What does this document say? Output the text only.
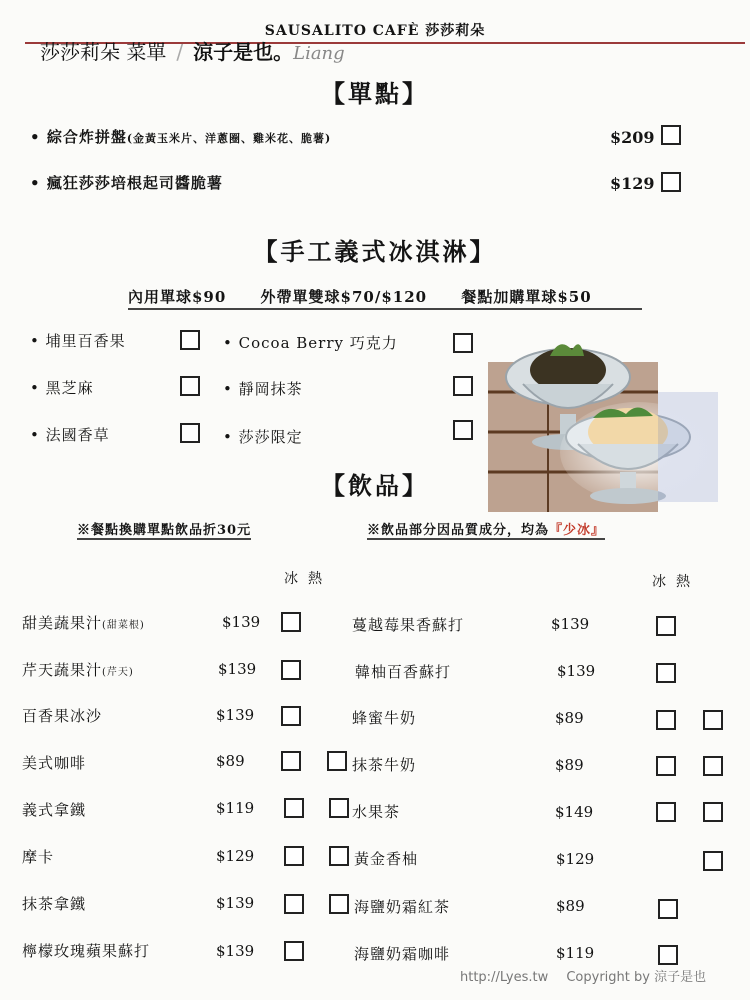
SAUSALITO CAFÈ 莎莎莉朵
莎莎莉朵 菜單 / 涼子是也。Liang
【單點】
• 綜合炸拼盤(金黃玉米片、洋蔥圈、雞米花、脆薯)	$209
• 瘋狂莎莎培根起司醬脆薯	$129
【手工義式冰淇淋】
內用單球$90 外帶單雙球$70/$120 餐點加購單球$50
• 埔里百香果
• 黑芝麻
• 法國香草
• Cocoa Berry 巧克力
• 靜岡抹茶
• 莎莎限定
【飲品】
※餐點換購單點飲品折30元	※飲品部分因品質成分，均為『少冰』
冰熱	冰熱
甜美蔬果汁(甜菜根)	$139
芹天蔬果汁(芹天)	$139
百香果冰沙	$139
美式咖啡	$89
義式拿鐵	$119
摩卡	$129
抹茶拿鐵	$139
檸檬玫瑰蘋果蘇打	$139
蔓越莓果香蘇打	$139
韓柚百香蘇打	$139
蜂蜜牛奶	$89
抹茶牛奶	$89
水果茶	$149
黃金香柚	$129
海鹽奶霜紅茶	$89
海鹽奶霜咖啡	$119
http://Lyes.tw Copyright by 涼子是也
